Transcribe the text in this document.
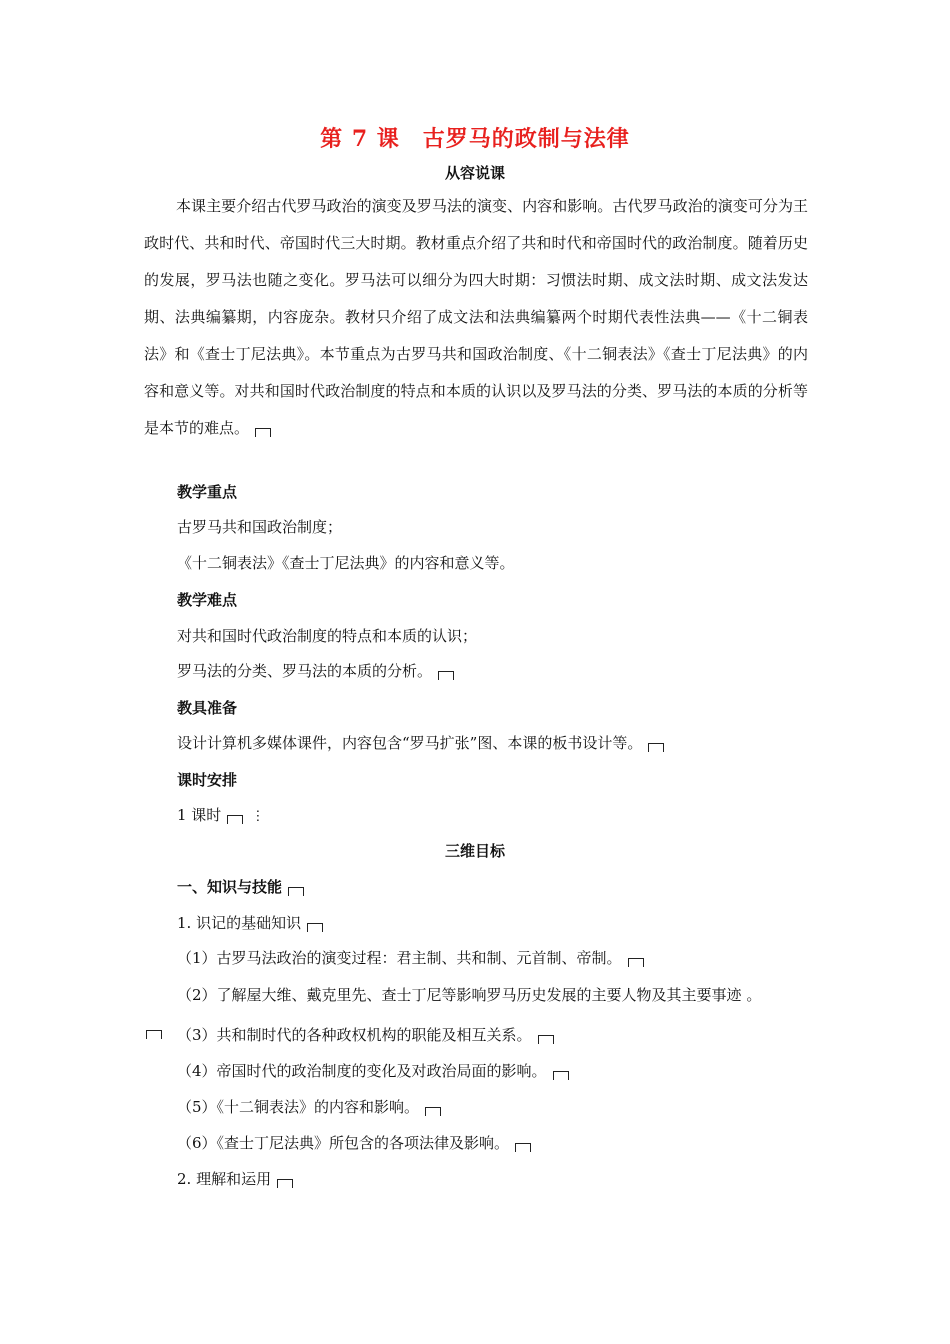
第 7 课　古罗马的政制与法律
从容说课
本课主要介绍古代罗马政治的演变及罗马法的演变、内容和影响。古代罗马政治的演变可分为王政时代、共和时代、帝国时代三大时期。教材重点介绍了共和时代和帝国时代的政治制度。随着历史的发展，罗马法也随之变化。罗马法可以细分为四大时期：习惯法时期、成文法时期、成文法发达期、法典编纂期，内容庞杂。教材只介绍了成文法和法典编纂两个时期代表性法典——《十二铜表法》和《查士丁尼法典》。本节重点为古罗马共和国政治制度、《十二铜表法》《查士丁尼法典》的内容和意义等。对共和国时代政治制度的特点和本质的认识以及罗马法的分类、罗马法的本质的分析等是本节的难点。
教学重点
古罗马共和国政治制度；
《十二铜表法》《查士丁尼法典》的内容和意义等。
教学难点
对共和国时代政治制度的特点和本质的认识；
罗马法的分类、罗马法的本质的分析。
教具准备
设计计算机多媒体课件，内容包含“罗马扩张”图、本课的板书设计等。
课时安排
1 课时 ⋮
三维目标
一、知识与技能
1. 识记的基础知识
（1）古罗马法政治的演变过程：君主制、共和制、元首制、帝制。
（2）了解屋大维、戴克里先、查士丁尼等影响罗马历史发展的主要人物及其主要事迹 。
（3）共和制时代的各种政权机构的职能及相互关系。
（4）帝国时代的政治制度的变化及对政治局面的影响。
（5）《十二铜表法》的内容和影响。
（6）《查士丁尼法典》所包含的各项法律及影响。
2. 理解和运用
